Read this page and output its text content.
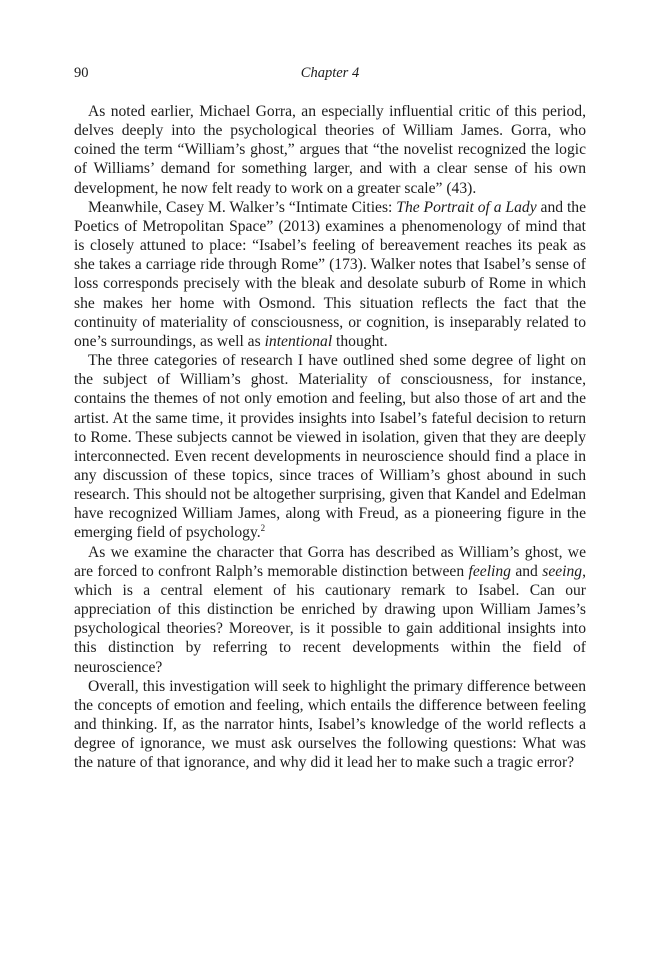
90	Chapter 4

As noted earlier, Michael Gorra, an especially influential critic of this period, delves deeply into the psychological theories of William James. Gorra, who coined the term “William’s ghost,” argues that “the novelist recognized the logic of Williams’ demand for something larger, and with a clear sense of his own development, he now felt ready to work on a greater scale” (43).

Meanwhile, Casey M. Walker’s “Intimate Cities: The Portrait of a Lady and the Poetics of Metropolitan Space” (2013) examines a phenomenology of mind that is closely attuned to place: “Isabel’s feeling of bereavement reaches its peak as she takes a carriage ride through Rome” (173). Walker notes that Isabel’s sense of loss corresponds precisely with the bleak and desolate suburb of Rome in which she makes her home with Osmond. This situation reflects the fact that the continuity of materiality of consciousness, or cognition, is inseparably related to one’s surroundings, as well as intentional thought.

The three categories of research I have outlined shed some degree of light on the subject of William’s ghost. Materiality of consciousness, for instance, contains the themes of not only emotion and feeling, but also those of art and the artist. At the same time, it provides insights into Isabel’s fateful decision to return to Rome. These subjects cannot be viewed in isolation, given that they are deeply interconnected. Even recent developments in neuroscience should find a place in any discussion of these topics, since traces of William’s ghost abound in such research. This should not be altogether surprising, given that Kandel and Edelman have recognized William James, along with Freud, as a pioneering figure in the emerging field of psychology.$^2$

As we examine the character that Gorra has described as William’s ghost, we are forced to confront Ralph’s memorable distinction between feeling and seeing, which is a central element of his cautionary remark to Isabel. Can our appreciation of this distinction be enriched by drawing upon William James’s psychological theories? Moreover, is it possible to gain additional insights into this distinction by referring to recent developments within the field of neuroscience?

Overall, this investigation will seek to highlight the primary difference between the concepts of emotion and feeling, which entails the difference between feeling and thinking. If, as the narrator hints, Isabel’s knowledge of the world reflects a degree of ignorance, we must ask ourselves the following questions: What was the nature of that ignorance, and why did it lead her to make such a tragic error?
